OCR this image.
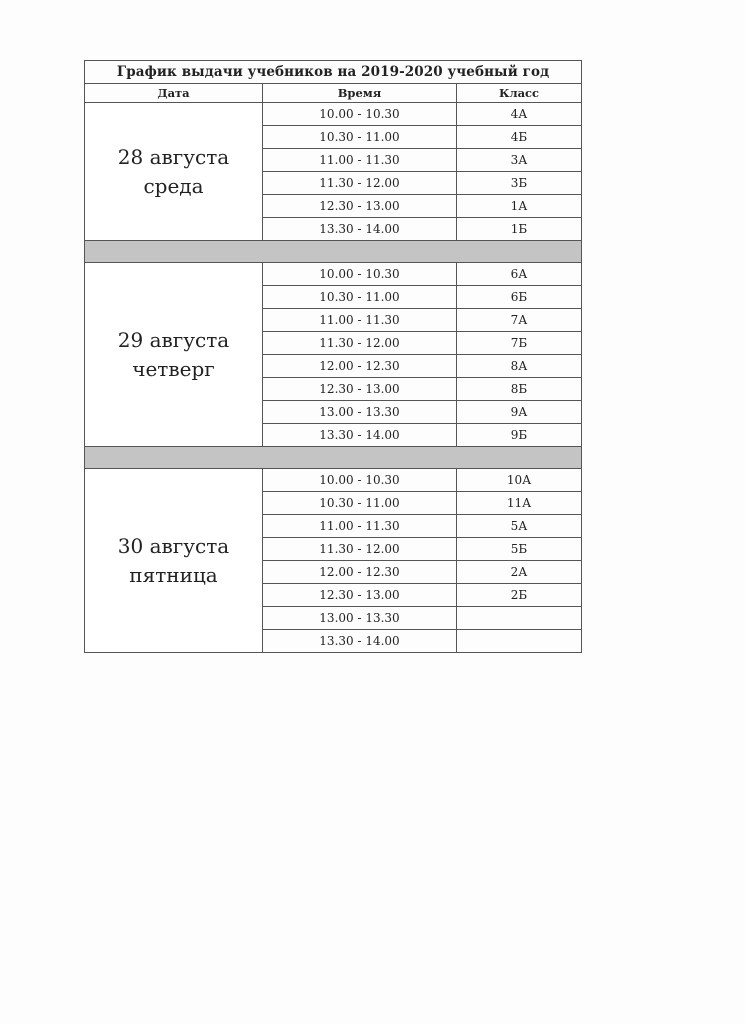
График выдачи учебников на 2019-2020 учебный год		
Дата	Время	Класс

28 августа
среда	10.00 - 10.30	4А
	10.30 - 11.00	4Б
	11.00 - 11.30	3А
	11.30 - 12.00	3Б
	12.30 - 13.00	1А
	13.30 - 14.00	1Б

29 августа
четверг	10.00 - 10.30	6А
	10.30 - 11.00	6Б
	11.00 - 11.30	7А
	11.30 - 12.00	7Б
	12.00 - 12.30	8А
	12.30 - 13.00	8Б
	13.00 - 13.30	9А
	13.30 - 14.00	9Б

30 августа
пятница	10.00 - 10.30	10А
	10.30 - 11.00	11А
	11.00 - 11.30	5А
	11.30 - 12.00	5Б
	12.00 - 12.30	2А
	12.30 - 13.00	2Б
	13.00 - 13.30	
	13.30 - 14.00	
